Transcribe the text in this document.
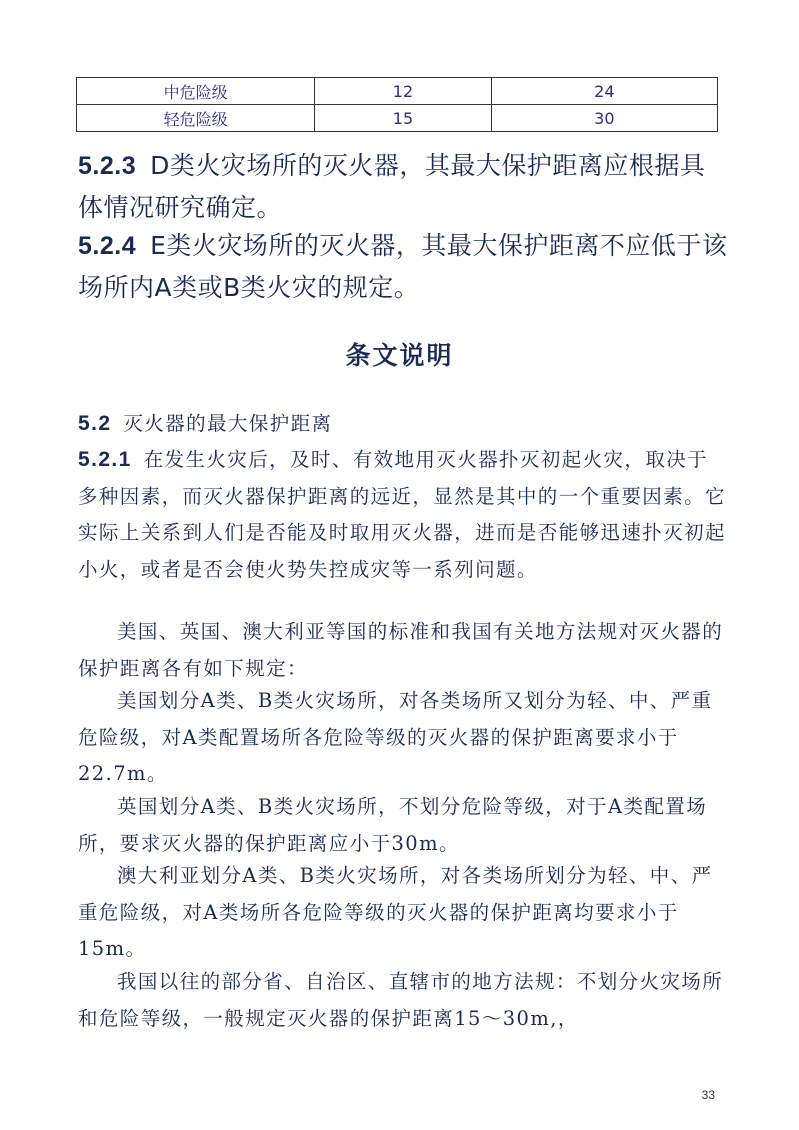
中危险级	12	24
轻危险级	15	30
5.2.3 D类火灾场所的灭火器，其最大保护距离应根据具体情况研究确定。
5.2.4 E类火灾场所的灭火器，其最大保护距离不应低于该场所内A类或B类火灾的规定。
条文说明
5.2 灭火器的最大保护距离
5.2.1 在发生火灾后，及时、有效地用灭火器扑灭初起火灾，取决于多种因素，而灭火器保护距离的远近，显然是其中的一个重要因素。它实际上关系到人们是否能及时取用灭火器，进而是否能够迅速扑灭初起小火，或者是否会使火势失控成灾等一系列问题。
美国、英国、澳大利亚等国的标准和我国有关地方法规对灭火器的保护距离各有如下规定：
美国划分A类、B类火灾场所，对各类场所又划分为轻、中、严重危险级，对A类配置场所各危险等级的灭火器的保护距离要求小于22.7m。
英国划分A类、B类火灾场所，不划分危险等级，对于A类配置场所，要求灭火器的保护距离应小于30m。
澳大利亚划分A类、B类火灾场所，对各类场所划分为轻、中、严重危险级，对A类场所各危险等级的灭火器的保护距离均要求小于15m。
我国以往的部分省、自治区、直辖市的地方法规：不划分火灾场所和危险等级，一般规定灭火器的保护距离15～30m,，
33
